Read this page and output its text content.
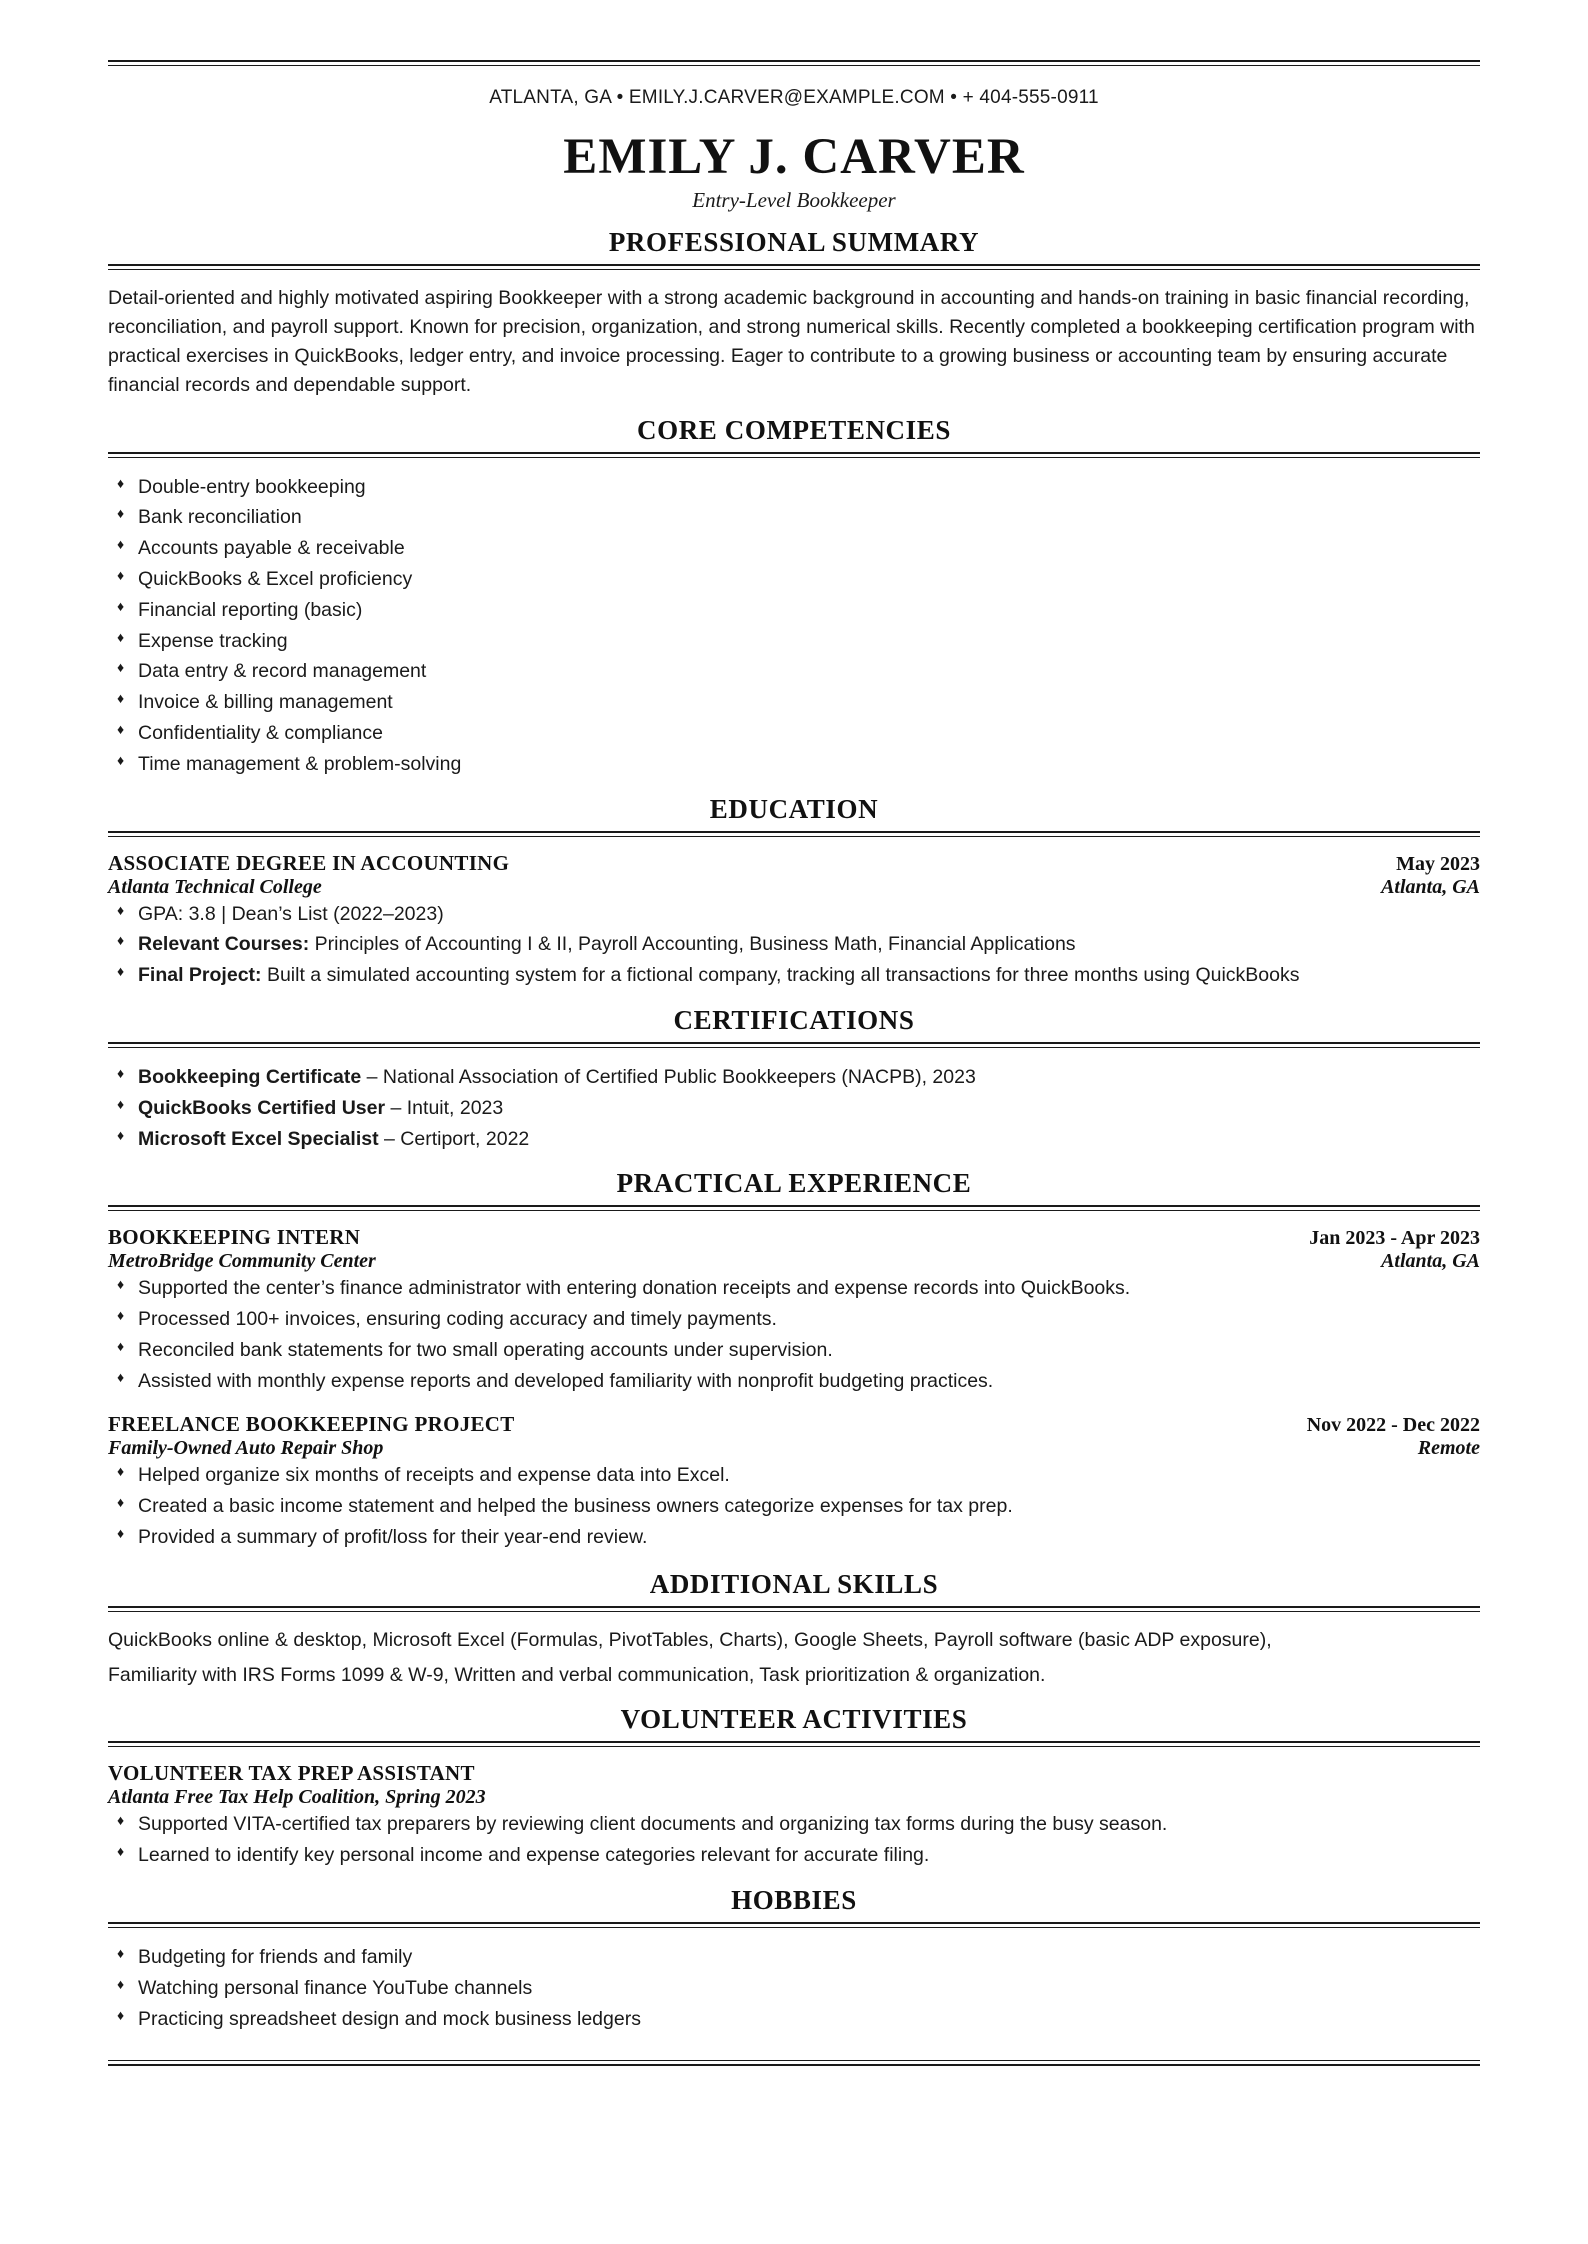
ATLANTA, GA • EMILY.J.CARVER@EXAMPLE.COM • + 404-555-0911
EMILY J. CARVER
Entry-Level Bookkeeper
PROFESSIONAL SUMMARY
Detail-oriented and highly motivated aspiring Bookkeeper with a strong academic background in accounting and hands-on training in basic financial recording, reconciliation, and payroll support. Known for precision, organization, and strong numerical skills. Recently completed a bookkeeping certification program with practical exercises in QuickBooks, ledger entry, and invoice processing. Eager to contribute to a growing business or accounting team by ensuring accurate financial records and dependable support.
CORE COMPETENCIES
♦ Double-entry bookkeeping
♦ Bank reconciliation
♦ Accounts payable & receivable
♦ QuickBooks & Excel proficiency
♦ Financial reporting (basic)
♦ Expense tracking
♦ Data entry & record management
♦ Invoice & billing management
♦ Confidentiality & compliance
♦ Time management & problem-solving
EDUCATION
ASSOCIATE DEGREE IN ACCOUNTING	May 2023
Atlanta Technical College	Atlanta, GA
♦ GPA: 3.8 | Dean’s List (2022–2023)
♦ Relevant Courses: Principles of Accounting I & II, Payroll Accounting, Business Math, Financial Applications
♦ Final Project: Built a simulated accounting system for a fictional company, tracking all transactions for three months using QuickBooks
CERTIFICATIONS
♦ Bookkeeping Certificate – National Association of Certified Public Bookkeepers (NACPB), 2023
♦ QuickBooks Certified User – Intuit, 2023
♦ Microsoft Excel Specialist – Certiport, 2022
PRACTICAL EXPERIENCE
BOOKKEEPING INTERN	Jan 2023 - Apr 2023
MetroBridge Community Center	Atlanta, GA
♦ Supported the center’s finance administrator with entering donation receipts and expense records into QuickBooks.
♦ Processed 100+ invoices, ensuring coding accuracy and timely payments.
♦ Reconciled bank statements for two small operating accounts under supervision.
♦ Assisted with monthly expense reports and developed familiarity with nonprofit budgeting practices.
FREELANCE BOOKKEEPING PROJECT	Nov 2022 - Dec 2022
Family-Owned Auto Repair Shop	Remote
♦ Helped organize six months of receipts and expense data into Excel.
♦ Created a basic income statement and helped the business owners categorize expenses for tax prep.
♦ Provided a summary of profit/loss for their year-end review.
ADDITIONAL SKILLS

QuickBooks online & desktop, Microsoft Excel (Formulas, PivotTables, Charts), Google Sheets, Payroll software (basic ADP exposure),

Familiarity with IRS Forms 1099 & W-9, Written and verbal communication, Task prioritization & organization.

VOLUNTEER ACTIVITIES
VOLUNTEER TAX PREP ASSISTANT
Atlanta Free Tax Help Coalition, Spring 2023
♦ Supported VITA-certified tax preparers by reviewing client documents and organizing tax forms during the busy season.
♦ Learned to identify key personal income and expense categories relevant for accurate filing.
HOBBIES
♦ Budgeting for friends and family
♦ Watching personal finance YouTube channels
♦ Practicing spreadsheet design and mock business ledgers
